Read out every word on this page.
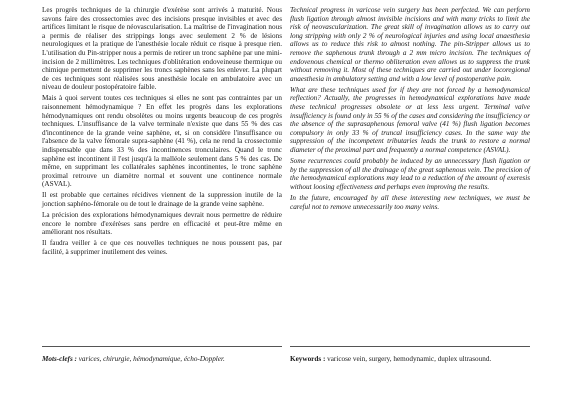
Les progrès techniques de la chirurgie d'exérèse sont arrivés à maturité. Nous savons faire des crossectomies avec des incisions presque invisibles et avec des artifices limitant le risque de néovascularisation. La maîtrise de l'invagination nous a permis de réaliser des strippings longs avec seulement 2 % de lésions neurologiques et la pratique de l'anesthésie locale réduit ce risque à presque rien. L'utilisation du Pin-stripper nous a permis de retirer un tronc saphène par une mini-incision de 2 millimètres. Les techniques d'oblitération endoveineuse thermique ou chimique permettent de supprimer les troncs saphènes sans les enlever. La plupart de ces techniques sont réalisées sous anesthésie locale en ambulatoire avec un niveau de douleur postopératoire faible.

Mais à quoi servent toutes ces techniques si elles ne sont pas contraintes par un raisonnement hémodynamique ? En effet les progrès dans les explorations hémodynamiques ont rendu obsolètes ou moins urgents beaucoup de ces progrès techniques. L'insuffisance de la valve terminale n'existe que dans 55 % des cas d'incontinence de la grande veine saphène, et, si on considère l'insuffisance ou l'absence de la valve fémorale supra-saphène (41 %), cela ne rend la crossectomie indispensable que dans 33 % des incontinences tronculaires. Quand le tronc saphène est incontinent il l'est jusqu'à la malléole seulement dans 5 % des cas. De même, en supprimant les collatérales saphènes incontinentes, le tronc saphène proximal retrouve un diamètre normal et souvent une continence normale (ASVAL).

Il est probable que certaines récidives viennent de la suppression inutile de la jonction saphéno-fémorale ou de tout le drainage de la grande veine saphène.

La précision des explorations hémodynamiques devrait nous permettre de réduire encore le nombre d'exérèses sans perdre en efficacité et peut-être même en améliorant nos résultats.

Il faudra veiller à ce que ces nouvelles techniques ne nous poussent pas, par facilité, à supprimer inutilement des veines.

Technical progress in varicose vein surgery has been perfected. We can perform flush ligation through almost invisible incisions and with many tricks to limit the risk of neovascularization. The great skill of invagination allows us to carry out long stripping with only 2 % of neurological injuries and using local anaesthesia allows us to reduce this risk to almost nothing. The pin-Stripper allows us to remove the saphenous trunk through a 2 mm micro incision. The techniques of endovenous chemical or thermo obliteration even allows us to suppress the trunk without removing it. Most of these techniques are carried out under locoregional anaesthesia in ambulatory setting and with a low level of postoperative pain.

What are these techniques used for if they are not forced by a hemodynamical reflection? Actually, the progresses in hemodynamical explorations have made these technical progresses obsolete or at less less urgent. Terminal valve insufficiency is found only in 55 % of the cases and considering the insufficiency or the absence of the suprasaphenous femoral valve (41 %) flush ligation becomes compulsory in only 33 % of truncal insufficiency cases. In the same way the suppression of the incompetent tributaries leads the trunk to restore a normal diameter of the proximal part and frequently a normal competence (ASVAL).

Some recurrences could probably be induced by an unnecessary flush ligation or by the suppression of all the drainage of the great saphenous vein. The precision of the hemodynamical explorations may lead to a reduction of the amount of exeresis without loosing effectiveness and perhaps even improving the results.

In the future, encouraged by all these interesting new techniques, we must be careful not to remove unnecessarily too many veins.

Mots-clefs : varices, chirurgie, hémodynamique, écho-Doppler.	Keywords : varicose vein, surgery, hemodynamic, duplex ultrasound.
